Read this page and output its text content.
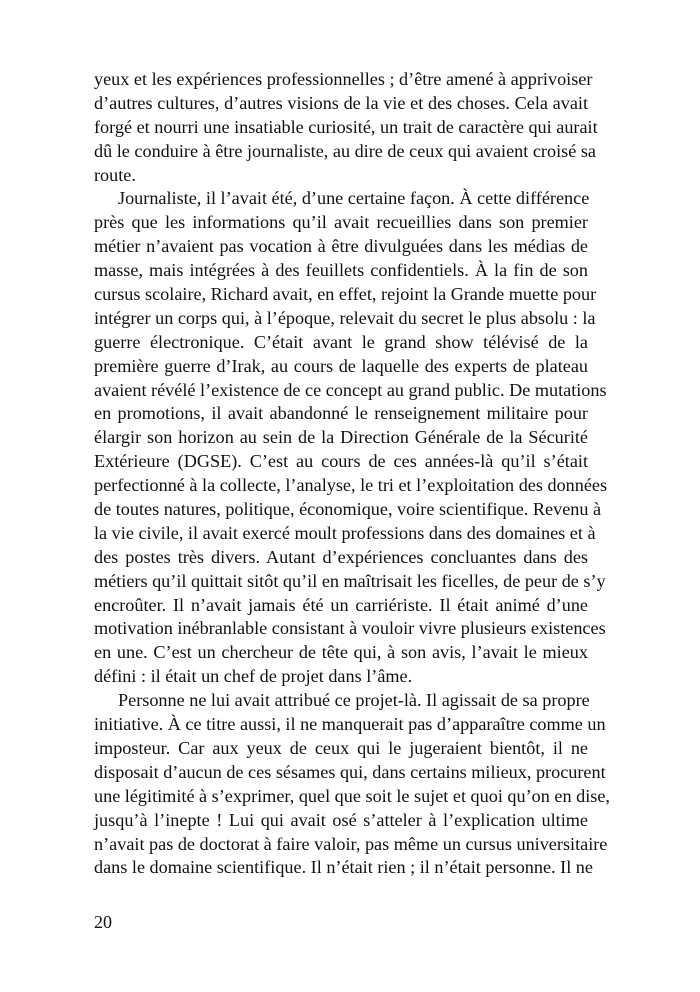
yeux et les expériences professionnelles ; d’être amené à apprivoiser
d’autres cultures, d’autres visions de la vie et des choses. Cela avait
forgé et nourri une insatiable curiosité, un trait de caractère qui aurait
dû le conduire à être journaliste, au dire de ceux qui avaient croisé sa
route.
Journaliste, il l’avait été, d’une certaine façon. À cette différence
près que les informations qu’il avait recueillies dans son premier
métier n’avaient pas vocation à être divulguées dans les médias de
masse, mais intégrées à des feuillets confidentiels. À la fin de son
cursus scolaire, Richard avait, en effet, rejoint la Grande muette pour
intégrer un corps qui, à l’époque, relevait du secret le plus absolu : la
guerre électronique. C’était avant le grand show télévisé de la
première guerre d’Irak, au cours de laquelle des experts de plateau
avaient révélé l’existence de ce concept au grand public. De mutations
en promotions, il avait abandonné le renseignement militaire pour
élargir son horizon au sein de la Direction Générale de la Sécurité
Extérieure (DGSE). C’est au cours de ces années-là qu’il s’était
perfectionné à la collecte, l’analyse, le tri et l’exploitation des données
de toutes natures, politique, économique, voire scientifique. Revenu à
la vie civile, il avait exercé moult professions dans des domaines et à
des postes très divers. Autant d’expériences concluantes dans des
métiers qu’il quittait sitôt qu’il en maîtrisait les ficelles, de peur de s’y
encroûter. Il n’avait jamais été un carriériste. Il était animé d’une
motivation inébranlable consistant à vouloir vivre plusieurs existences
en une. C’est un chercheur de tête qui, à son avis, l’avait le mieux
défini : il était un chef de projet dans l’âme.
Personne ne lui avait attribué ce projet-là. Il agissait de sa propre
initiative. À ce titre aussi, il ne manquerait pas d’apparaître comme un
imposteur. Car aux yeux de ceux qui le jugeraient bientôt, il ne
disposait d’aucun de ces sésames qui, dans certains milieux, procurent
une légitimité à s’exprimer, quel que soit le sujet et quoi qu’on en dise,
jusqu’à l’inepte ! Lui qui avait osé s’atteler à l’explication ultime
n’avait pas de doctorat à faire valoir, pas même un cursus universitaire
dans le domaine scientifique. Il n’était rien ; il n’était personne. Il ne
20
